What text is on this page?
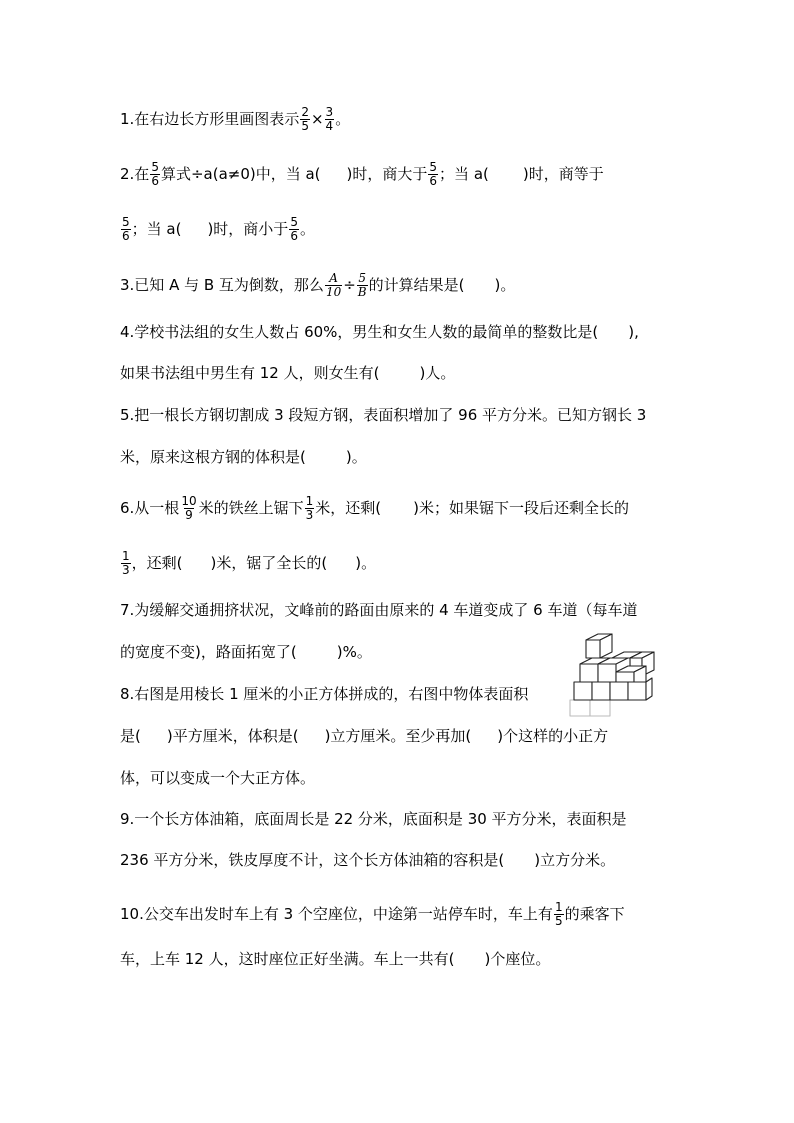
1.在右边长方形里画图表示 $\frac{2}{5} \times \frac{3}{4}$ 。
2.在 $\frac{5}{6}$ 算式÷a(a≠0)中，当 a( )时，商大于 $\frac{5}{6}$ ；当 a( )时，商等于
$\frac{5}{6}$ ；当 a( )时，商小于 $\frac{5}{6}$ 。
3.已知 A 与 B 互为倒数，那么 $\frac{A}{10} \div \frac{5}{B}$ 的计算结果是( )。
4.学校书法组的女生人数占 60%，男生和女生人数的最简单的整数比是( ),
如果书法组中男生有 12 人，则女生有(	)人。
5.把一根长方钢切割成 3 段短方钢，表面积增加了 96 平方分米。已知方钢长 3
米，原来这根方钢的体积是(	)。
6.从一根 $\frac{10}{9}$ 米的铁丝上锯下 $\frac{1}{3}$ 米，还剩( )米；如果锯下一段后还剩全长的
$\frac{1}{3}$ ，还剩( )米，锯了全长的( )。
7.为缓解交通拥挤状况，文峰前的路面由原来的 4 车道变成了 6 车道（每车道
的宽度不变)，路面拓宽了(	)%。
8.右图是用棱长 1 厘米的小正方体拼成的，右图中物体表面积
是( )平方厘米，体积是( )立方厘米。至少再加( )个这样的小正方
体，可以变成一个大正方体。
9.一个长方体油箱，底面周长是 22 分米，底面积是 30 平方分米，表面积是
236 平方分米，铁皮厚度不计，这个长方体油箱的容积是( )立方分米。
10.公交车出发时车上有 3 个空座位，中途第一站停车时，车上有 $\frac{1}{5}$ 的乘客下
车，上车 12 人，这时座位正好坐满。车上一共有( )个座位。
